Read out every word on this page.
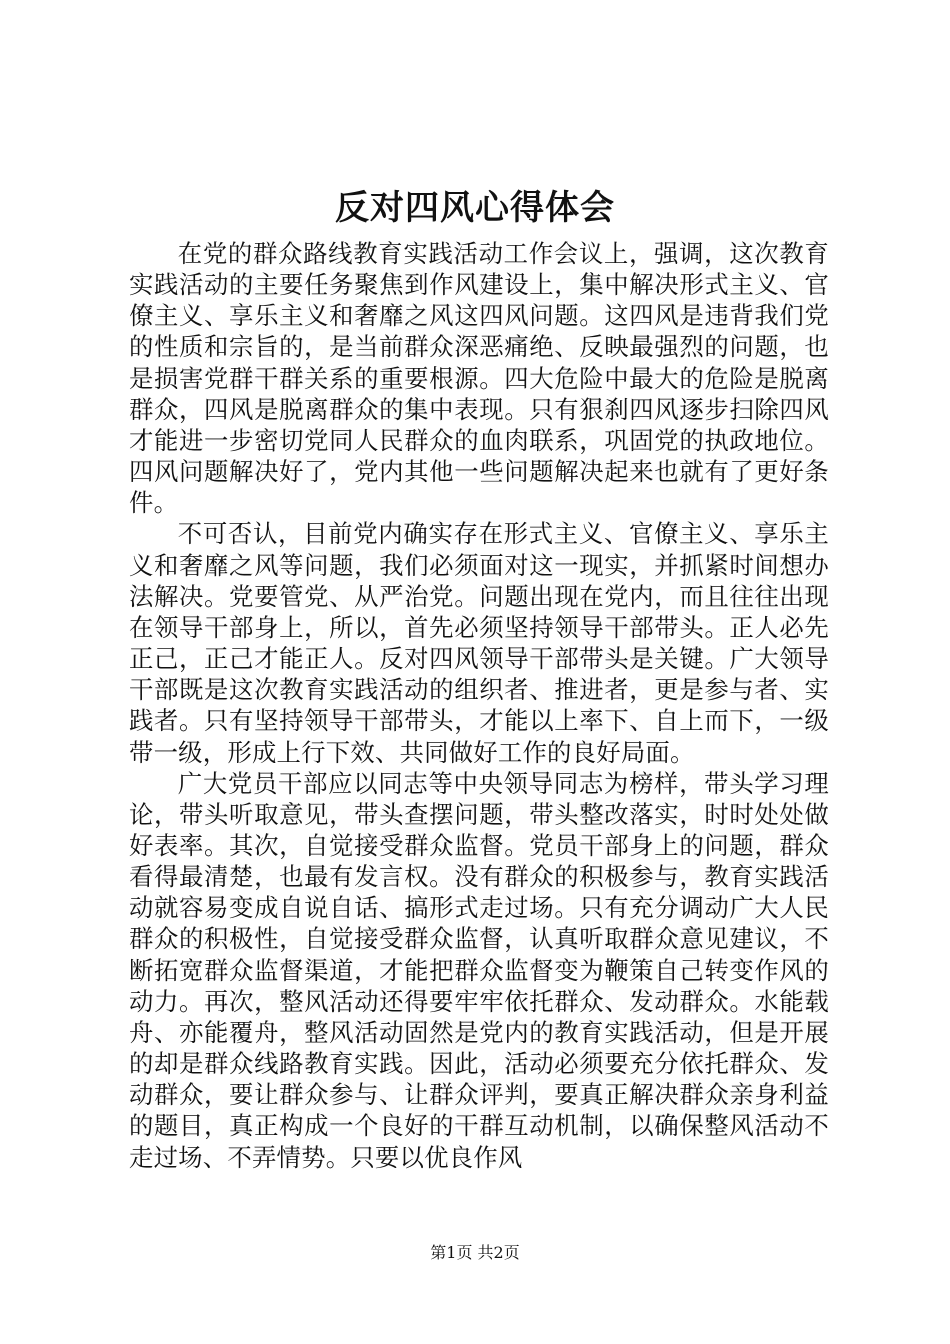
反对四风心得体会

在党的群众路线教育实践活动工作会议上，强调，这次教育实践活动的主要任务聚焦到作风建设上，集中解决形式主义、官僚主义、享乐主义和奢靡之风这四风问题。这四风是违背我们党的性质和宗旨的，是当前群众深恶痛绝、反映最强烈的问题，也是损害党群干群关系的重要根源。四大危险中最大的危险是脱离群众，四风是脱离群众的集中表现。只有狠刹四风逐步扫除四风才能进一步密切党同人民群众的血肉联系，巩固党的执政地位。四风问题解决好了，党内其他一些问题解决起来也就有了更好条件。

不可否认，目前党内确实存在形式主义、官僚主义、享乐主义和奢靡之风等问题，我们必须面对这一现实，并抓紧时间想办法解决。党要管党、从严治党。问题出现在党内，而且往往出现在领导干部身上，所以，首先必须坚持领导干部带头。正人必先正己，正己才能正人。反对四风领导干部带头是关键。广大领导干部既是这次教育实践活动的组织者、推进者，更是参与者、实践者。只有坚持领导干部带头，才能以上率下、自上而下，一级带一级，形成上行下效、共同做好工作的良好局面。

广大党员干部应以同志等中央领导同志为榜样，带头学习理论，带头听取意见，带头查摆问题，带头整改落实，时时处处做好表率。其次，自觉接受群众监督。党员干部身上的问题，群众看得最清楚，也最有发言权。没有群众的积极参与，教育实践活动就容易变成自说自话、搞形式走过场。只有充分调动广大人民群众的积极性，自觉接受群众监督，认真听取群众意见建议，不断拓宽群众监督渠道，才能把群众监督变为鞭策自己转变作风的动力。再次，整风活动还得要牢牢依托群众、发动群众。水能载舟、亦能覆舟，整风活动固然是党内的教育实践活动，但是开展的却是群众线路教育实践。因此，活动必须要充分依托群众、发动群众，要让群众参与、让群众评判，要真正解决群众亲身利益的题目，真正构成一个良好的干群互动机制，以确保整风活动不走过场、不弄情势。只要以优良作风

第1页 共2页
